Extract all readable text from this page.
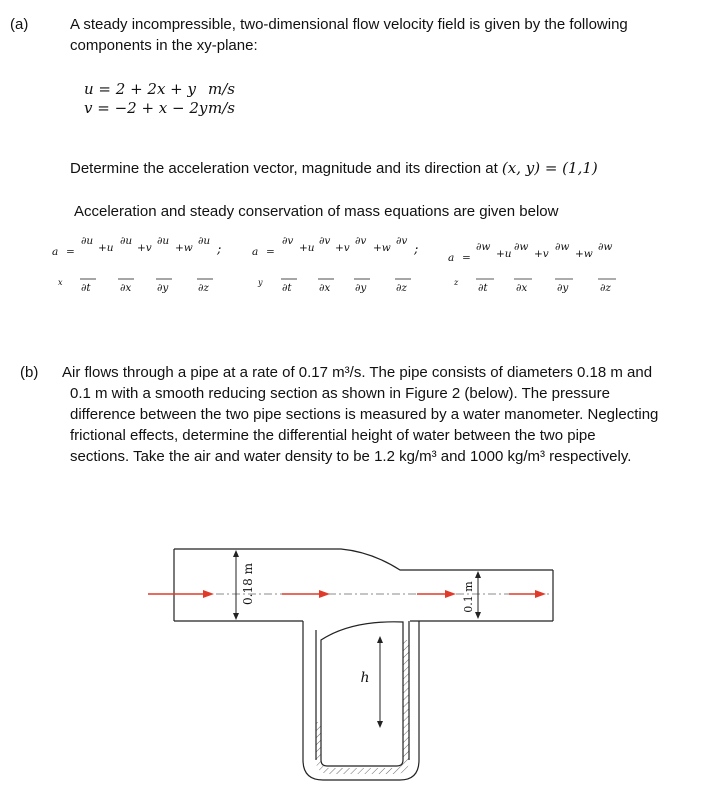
(a)	A steady incompressible, two-dimensional flow velocity field is given by the following
components in the xy-plane:
u = 2 + 2x + y m/s
v = −2 + x − 2y m/s
Determine the acceleration vector, magnitude and its direction at (x, y) = (1,1)
Acceleration and steady conservation of mass equations are given below
a =
x
∂u
+u
∂u
+v
∂u
+w
∂u
;
∂t	∂x ∂y	∂z
a =
y
∂v
+u
∂v
+v
∂v
+w
∂v
;
∂t	∂x ∂y	∂z
a =
z
∂w
+u
∂w
+v
∂w
+w
∂w
∂t	∂x	∂y	∂z
(b) Air flows through a pipe at a rate of 0.17 m³/s. The pipe consists of diameters 0.18 m and
0.1 m with a smooth reducing section as shown in Figure 2 (below). The pressure
difference between the two pipe sections is measured by a water manometer. Neglecting
frictional effects, determine the differential height of water between the two pipe
sections. Take the air and water density to be 1.2 kg/m³ and 1000 kg/m³ respectively.
0.18 m	0.1 m
h
